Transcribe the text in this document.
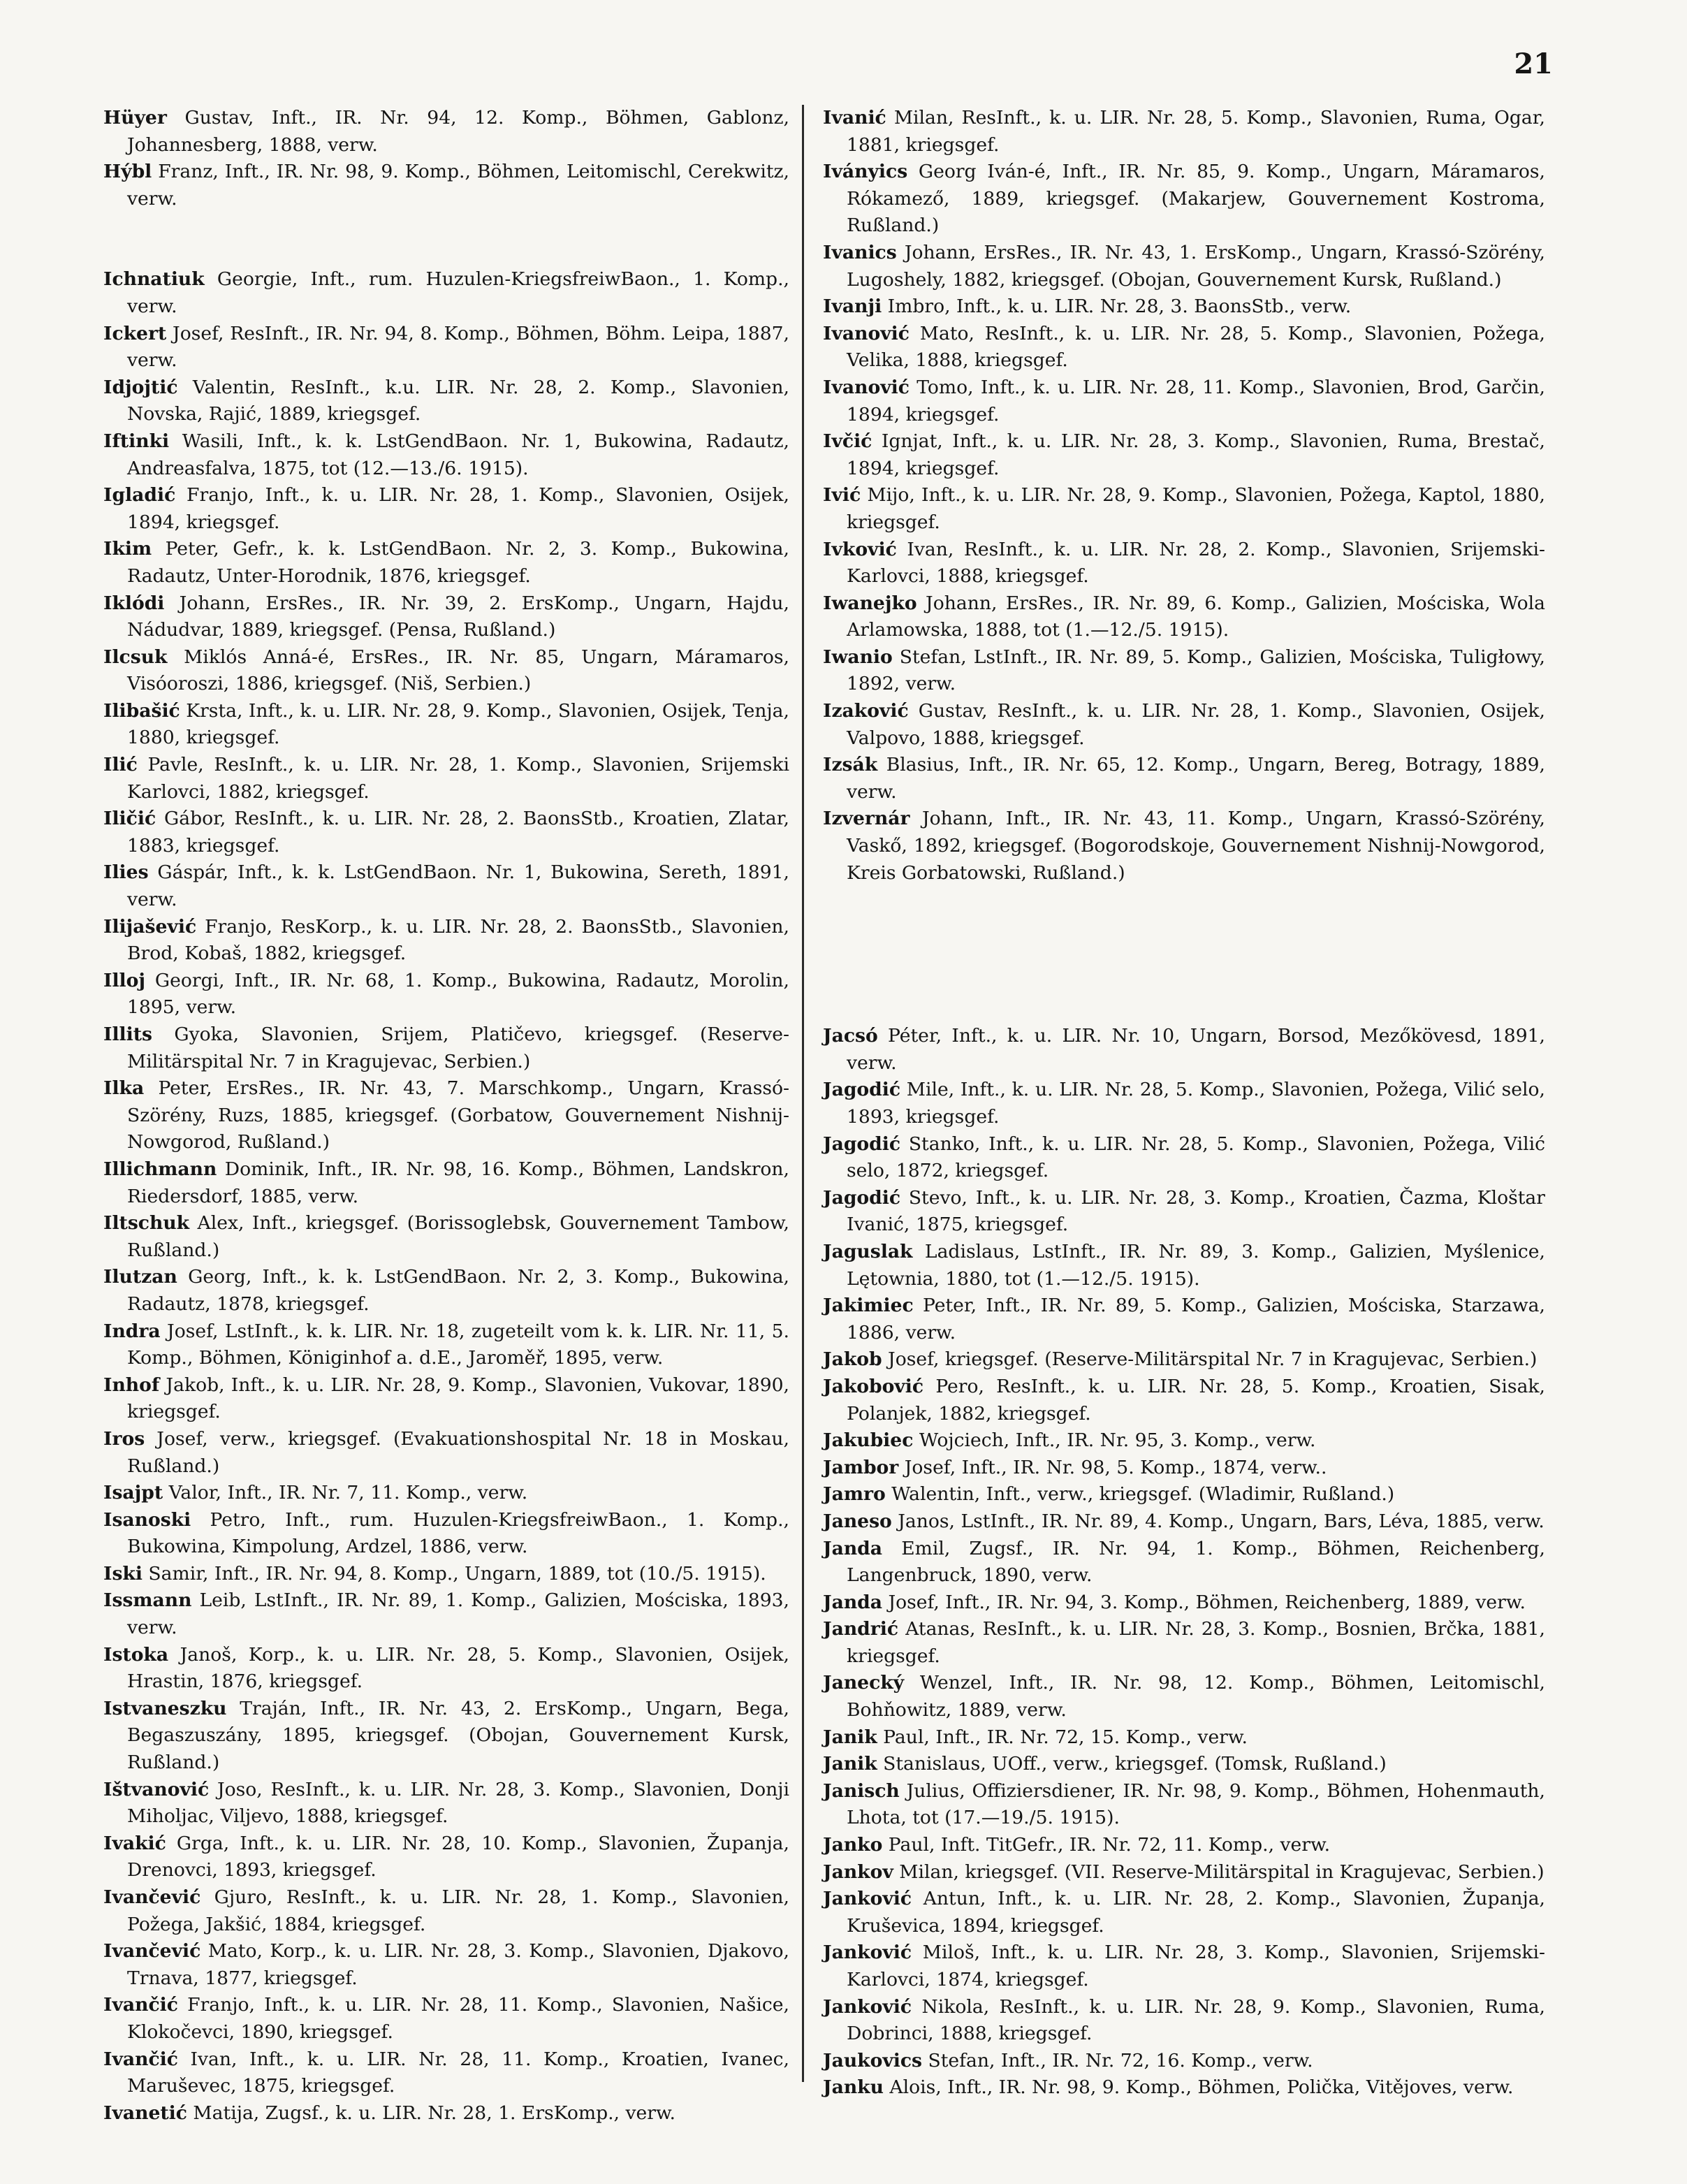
21

Hüyer Gustav, Inft., IR. Nr. 94, 12. Komp., Böhmen, Gablonz, Johannesberg, 1888, verw.

Hýbl Franz, Inft., IR. Nr. 98, 9. Komp., Böhmen, Leitomischl, Cerekwitz, verw.

Ichnatiuk Georgie, Inft., rum. Huzulen-KriegsfreiwBaon., 1. Komp., verw.

Ickert Josef, ResInft., IR. Nr. 94, 8. Komp., Böhmen, Böhm. Leipa, 1887, verw.

Idjojtić Valentin, ResInft., k.u. LIR. Nr. 28, 2. Komp., Slavonien, Novska, Rajić, 1889, kriegsgef.

Iftinki Wasili, Inft., k. k. LstGendBaon. Nr. 1, Bukowina, Radautz, Andreasfalva, 1875, tot (12.—13./6. 1915).

Igladić Franjo, Inft., k. u. LIR. Nr. 28, 1. Komp., Slavonien, Osijek, 1894, kriegsgef.

Ikim Peter, Gefr., k. k. LstGendBaon. Nr. 2, 3. Komp., Bukowina, Radautz, Unter-Horodnik, 1876, kriegsgef.

Iklódi Johann, ErsRes., IR. Nr. 39, 2. ErsKomp., Ungarn, Hajdu, Nádudvar, 1889, kriegsgef. (Pensa, Rußland.)

Ilcsuk Miklós Anná-é, ErsRes., IR. Nr. 85, Ungarn, Máramaros, Visóoroszi, 1886, kriegsgef. (Niš, Serbien.)

Ilibašić Krsta, Inft., k. u. LIR. Nr. 28, 9. Komp., Slavonien, Osijek, Tenja, 1880, kriegsgef.

Ilić Pavle, ResInft., k. u. LIR. Nr. 28, 1. Komp., Slavonien, Srijemski Karlovci, 1882, kriegsgef.

Iličić Gábor, ResInft., k. u. LIR. Nr. 28, 2. BaonsStb., Kroatien, Zlatar, 1883, kriegsgef.

Ilies Gáspár, Inft., k. k. LstGendBaon. Nr. 1, Bukowina, Sereth, 1891, verw.

Ilijašević Franjo, ResKorp., k. u. LIR. Nr. 28, 2. BaonsStb., Slavonien, Brod, Kobaš, 1882, kriegsgef.

Illoj Georgi, Inft., IR. Nr. 68, 1. Komp., Bukowina, Radautz, Morolin, 1895, verw.

Illits Gyoka, Slavonien, Srijem, Platičevo, kriegsgef. (Reserve-Militärspital Nr. 7 in Kragujevac, Serbien.)

Ilka Peter, ErsRes., IR. Nr. 43, 7. Marschkomp., Ungarn, Krassó-Szörény, Ruzs, 1885, kriegsgef. (Gorbatow, Gouvernement Nishnij-Nowgorod, Rußland.)

Illichmann Dominik, Inft., IR. Nr. 98, 16. Komp., Böhmen, Landskron, Riedersdorf, 1885, verw.

Iltschuk Alex, Inft., kriegsgef. (Borissoglebsk, Gouvernement Tambow, Rußland.)

Ilutzan Georg, Inft., k. k. LstGendBaon. Nr. 2, 3. Komp., Bukowina, Radautz, 1878, kriegsgef.

Indra Josef, LstInft., k. k. LIR. Nr. 18, zugeteilt vom k. k. LIR. Nr. 11, 5. Komp., Böhmen, Königinhof a. d.E., Jaroměř, 1895, verw.

Inhof Jakob, Inft., k. u. LIR. Nr. 28, 9. Komp., Slavonien, Vukovar, 1890, kriegsgef.

Iros Josef, verw., kriegsgef. (Evakuationshospital Nr. 18 in Moskau, Rußland.)

Isajpt Valor, Inft., IR. Nr. 7, 11. Komp., verw.

Isanoski Petro, Inft., rum. Huzulen-KriegsfreiwBaon., 1. Komp., Bukowina, Kimpolung, Ardzel, 1886, verw.

Iski Samir, Inft., IR. Nr. 94, 8. Komp., Ungarn, 1889, tot (10./5. 1915).

Issmann Leib, LstInft., IR. Nr. 89, 1. Komp., Galizien, Mościska, 1893, verw.

Istoka Janoš, Korp., k. u. LIR. Nr. 28, 5. Komp., Slavonien, Osijek, Hrastin, 1876, kriegsgef.

Istvaneszku Traján, Inft., IR. Nr. 43, 2. ErsKomp., Ungarn, Bega, Begaszuszány, 1895, kriegsgef. (Obojan, Gouvernement Kursk, Rußland.)

Ištvanović Joso, ResInft., k. u. LIR. Nr. 28, 3. Komp., Slavonien, Donji Miholjac, Viljevo, 1888, kriegsgef.

Ivakić Grga, Inft., k. u. LIR. Nr. 28, 10. Komp., Slavonien, Županja, Drenovci, 1893, kriegsgef.

Ivančević Gjuro, ResInft., k. u. LIR. Nr. 28, 1. Komp., Slavonien, Požega, Jakšić, 1884, kriegsgef.

Ivančević Mato, Korp., k. u. LIR. Nr. 28, 3. Komp., Slavonien, Djakovo, Trnava, 1877, kriegsgef.

Ivančić Franjo, Inft., k. u. LIR. Nr. 28, 11. Komp., Slavonien, Našice, Klokočevci, 1890, kriegsgef.

Ivančić Ivan, Inft., k. u. LIR. Nr. 28, 11. Komp., Kroatien, Ivanec, Maruševec, 1875, kriegsgef.

Ivanetić Matija, Zugsf., k. u. LIR. Nr. 28, 1. ErsKomp., verw.

Ivanić Milan, ResInft., k. u. LIR. Nr. 28, 5. Komp., Slavonien, Ruma, Ogar, 1881, kriegsgef.

Iványics Georg Iván-é, Inft., IR. Nr. 85, 9. Komp., Ungarn, Máramaros, Rókamező, 1889, kriegsgef. (Makarjew, Gouvernement Kostroma, Rußland.)

Ivanics Johann, ErsRes., IR. Nr. 43, 1. ErsKomp., Ungarn, Krassó-Szörény, Lugoshely, 1882, kriegsgef. (Obojan, Gouvernement Kursk, Rußland.)

Ivanji Imbro, Inft., k. u. LIR. Nr. 28, 3. BaonsStb., verw.

Ivanović Mato, ResInft., k. u. LIR. Nr. 28, 5. Komp., Slavonien, Požega, Velika, 1888, kriegsgef.

Ivanović Tomo, Inft., k. u. LIR. Nr. 28, 11. Komp., Slavonien, Brod, Garčin, 1894, kriegsgef.

Ivčić Ignjat, Inft., k. u. LIR. Nr. 28, 3. Komp., Slavonien, Ruma, Brestač, 1894, kriegsgef.

Ivić Mijo, Inft., k. u. LIR. Nr. 28, 9. Komp., Slavonien, Požega, Kaptol, 1880, kriegsgef.

Ivković Ivan, ResInft., k. u. LIR. Nr. 28, 2. Komp., Slavonien, Srijemski-Karlovci, 1888, kriegsgef.

Iwanejko Johann, ErsRes., IR. Nr. 89, 6. Komp., Galizien, Mościska, Wola Arlamowska, 1888, tot (1.—12./5. 1915).

Iwanio Stefan, LstInft., IR. Nr. 89, 5. Komp., Galizien, Mościska, Tuligłowy, 1892, verw.

Izaković Gustav, ResInft., k. u. LIR. Nr. 28, 1. Komp., Slavonien, Osijek, Valpovo, 1888, kriegsgef.

Izsák Blasius, Inft., IR. Nr. 65, 12. Komp., Ungarn, Bereg, Botragy, 1889, verw.

Izvernár Johann, Inft., IR. Nr. 43, 11. Komp., Ungarn, Krassó-Szörény, Vaskő, 1892, kriegsgef. (Bogorodskoje, Gouvernement Nishnij-Nowgorod, Kreis Gorbatowski, Rußland.)

Jacsó Péter, Inft., k. u. LIR. Nr. 10, Ungarn, Borsod, Mezőkövesd, 1891, verw.

Jagodić Mile, Inft., k. u. LIR. Nr. 28, 5. Komp., Slavonien, Požega, Vilić selo, 1893, kriegsgef.

Jagodić Stanko, Inft., k. u. LIR. Nr. 28, 5. Komp., Slavonien, Požega, Vilić selo, 1872, kriegsgef.

Jagodić Stevo, Inft., k. u. LIR. Nr. 28, 3. Komp., Kroatien, Čazma, Kloštar Ivanić, 1875, kriegsgef.

Jaguslak Ladislaus, LstInft., IR. Nr. 89, 3. Komp., Galizien, Myślenice, Lętownia, 1880, tot (1.—12./5. 1915).

Jakimiec Peter, Inft., IR. Nr. 89, 5. Komp., Galizien, Mościska, Starzawa, 1886, verw.

Jakob Josef, kriegsgef. (Reserve-Militärspital Nr. 7 in Kragujevac, Serbien.)

Jakobović Pero, ResInft., k. u. LIR. Nr. 28, 5. Komp., Kroatien, Sisak, Polanjek, 1882, kriegsgef.

Jakubiec Wojciech, Inft., IR. Nr. 95, 3. Komp., verw.

Jambor Josef, Inft., IR. Nr. 98, 5. Komp., 1874, verw..

Jamro Walentin, Inft., verw., kriegsgef. (Wladimir, Rußland.)

Janeso Janos, LstInft., IR. Nr. 89, 4. Komp., Ungarn, Bars, Léva, 1885, verw.

Janda Emil, Zugsf., IR. Nr. 94, 1. Komp., Böhmen, Reichenberg, Langenbruck, 1890, verw.

Janda Josef, Inft., IR. Nr. 94, 3. Komp., Böhmen, Reichenberg, 1889, verw.

Jandrić Atanas, ResInft., k. u. LIR. Nr. 28, 3. Komp., Bosnien, Brčka, 1881, kriegsgef.

Janecký Wenzel, Inft., IR. Nr. 98, 12. Komp., Böhmen, Leitomischl, Bohňowitz, 1889, verw.

Janik Paul, Inft., IR. Nr. 72, 15. Komp., verw.

Janik Stanislaus, UOff., verw., kriegsgef. (Tomsk, Rußland.)

Janisch Julius, Offiziersdiener, IR. Nr. 98, 9. Komp., Böhmen, Hohenmauth, Lhota, tot (17.—19./5. 1915).

Janko Paul, Inft. TitGefr., IR. Nr. 72, 11. Komp., verw.

Jankov Milan, kriegsgef. (VII. Reserve-Militärspital in Kragujevac, Serbien.)

Janković Antun, Inft., k. u. LIR. Nr. 28, 2. Komp., Slavonien, Županja, Kruševica, 1894, kriegsgef.

Janković Miloš, Inft., k. u. LIR. Nr. 28, 3. Komp., Slavonien, Srijemski-Karlovci, 1874, kriegsgef.

Janković Nikola, ResInft., k. u. LIR. Nr. 28, 9. Komp., Slavonien, Ruma, Dobrinci, 1888, kriegsgef.

Jaukovics Stefan, Inft., IR. Nr. 72, 16. Komp., verw.

Janku Alois, Inft., IR. Nr. 98, 9. Komp., Böhmen, Polička, Vitějoves, verw.
